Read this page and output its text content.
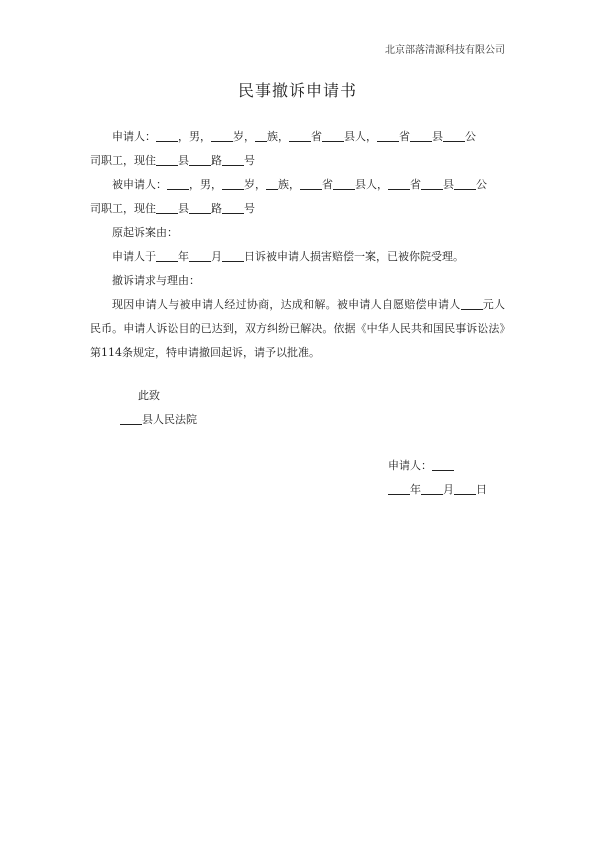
北京部落清源科技有限公司
民事撤诉申请书

申请人： ，男， 岁， 族， 省 县人， 省 县 公

司职工，现住 县 路 号

被申请人： ，男， 岁， 族， 省 县人， 省 县 公

司职工，现住 县 路 号

原起诉案由：

申请人于 年 月 日诉被申请人损害赔偿一案，已被你院受理。

撤诉请求与理由：

现因申请人与被申请人经过协商，达成和解。被申请人自愿赔偿申请人 元人民币。申请人诉讼目的已达到，双方纠纷已解决。依据《中华人民共和国民事诉讼法》第114条规定，特申请撤回起诉，请予以批准。

此致
县人民法院
申请人：
年 月 日
